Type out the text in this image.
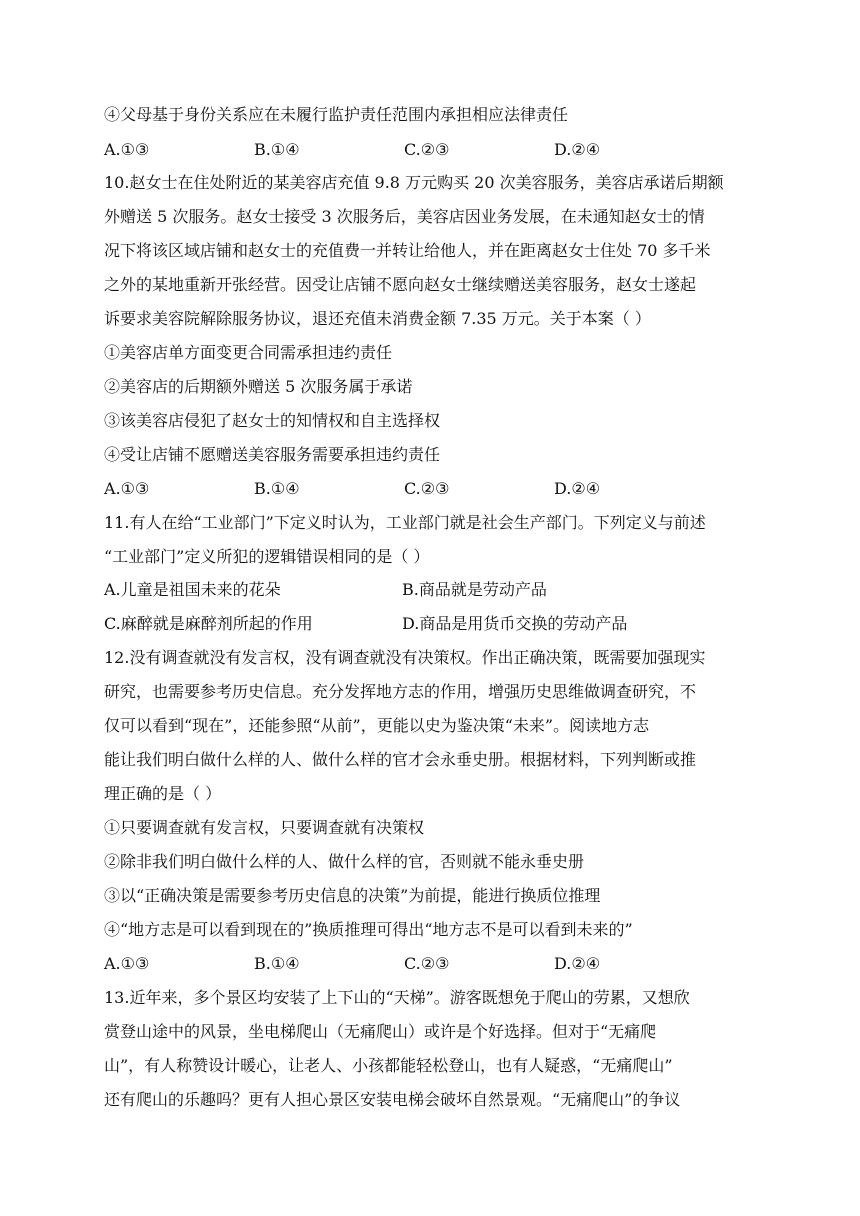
④父母基于身份关系应在未履行监护责任范围内承担相应法律责任
A.①③	B.①④	C.②③	D.②④
10.赵女士在住处附近的某美容店充值 9.8 万元购买 20 次美容服务，美容店承诺后期额
外赠送 5 次服务。赵女士接受 3 次服务后，美容店因业务发展，在未通知赵女士的情
况下将该区域店铺和赵女士的充值费一并转让给他人，并在距离赵女士住处 70 多千米
之外的某地重新开张经营。因受让店铺不愿向赵女士继续赠送美容服务，赵女士遂起
诉要求美容院解除服务协议，退还充值未消费金额 7.35 万元。关于本案（ ）
①美容店单方面变更合同需承担违约责任
②美容店的后期额外赠送 5 次服务属于承诺
③该美容店侵犯了赵女士的知情权和自主选择权
④受让店铺不愿赠送美容服务需要承担违约责任
A.①③	B.①④	C.②③	D.②④
11.有人在给“工业部门”下定义时认为，工业部门就是社会生产部门。下列定义与前述
“工业部门”定义所犯的逻辑错误相同的是（ ）
A.儿童是祖国未来的花朵	B.商品就是劳动产品
C.麻醉就是麻醉剂所起的作用	D.商品是用货币交换的劳动产品
12.没有调查就没有发言权，没有调查就没有决策权。作出正确决策，既需要加强现实
研究，也需要参考历史信息。充分发挥地方志的作用，增强历史思维做调查研究，不
仅可以看到“现在”，还能参照“从前”，更能以史为鉴决策“未来”。阅读地方志
能让我们明白做什么样的人、做什么样的官才会永垂史册。根据材料，下列判断或推
理正确的是（ ）
①只要调查就有发言权，只要调查就有决策权
②除非我们明白做什么样的人、做什么样的官，否则就不能永垂史册
③以“正确决策是需要参考历史信息的决策”为前提，能进行换质位推理
④“地方志是可以看到现在的”换质推理可得出“地方志不是可以看到未来的”
A.①③	B.①④	C.②③	D.②④
13.近年来，多个景区均安装了上下山的“天梯”。游客既想免于爬山的劳累，又想欣
赏登山途中的风景，坐电梯爬山（无痛爬山）或许是个好选择。但对于“无痛爬
山”，有人称赞设计暖心，让老人、小孩都能轻松登山，也有人疑惑，“无痛爬山”
还有爬山的乐趣吗？更有人担心景区安装电梯会破坏自然景观。“无痛爬山”的争议
